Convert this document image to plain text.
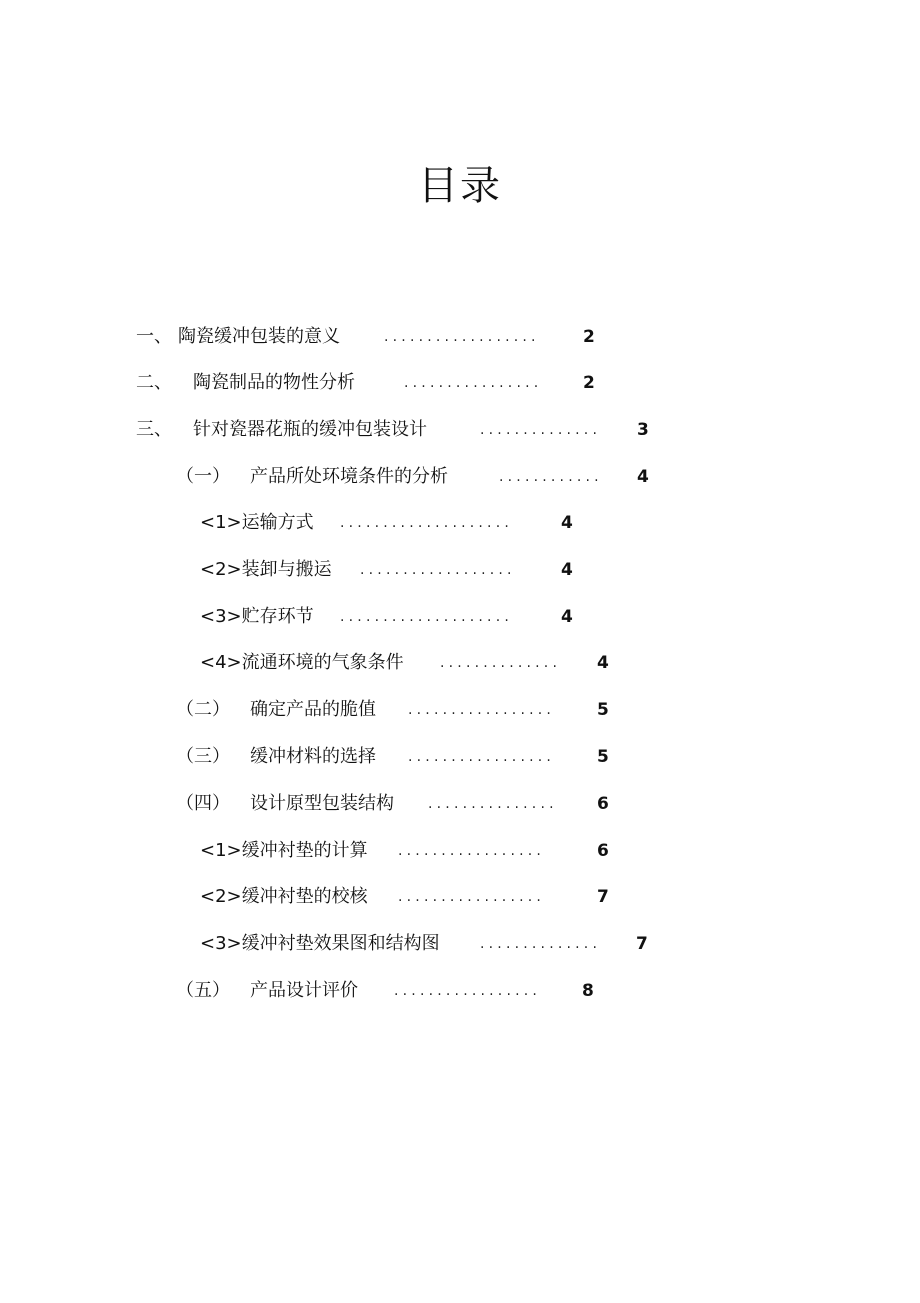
目录
一、 陶瓷缓冲包装的意义	..................	2
二、 陶瓷制品的物性分析	................ 2
三、 针对瓷器花瓶的缓冲包装设计	.............. 3
（一） 产品所处环境条件的分析	............ 4
<1>运输方式 ....................	4
<2>装卸与搬运 ..................	4
<3>贮存环节 ....................	4
<4>流通环境的气象条件	.............. 4
（二） 确定产品的脆值 ................. 5
（三） 缓冲材料的选择 ................. 5
（四） 设计原型包装结构 ............... 6
<1>缓冲衬垫的计算 .................	6
<2>缓冲衬垫的校核 .................	7
<3>缓冲衬垫效果图和结构图	.............. 7
（五） 产品设计评价	................. 8
